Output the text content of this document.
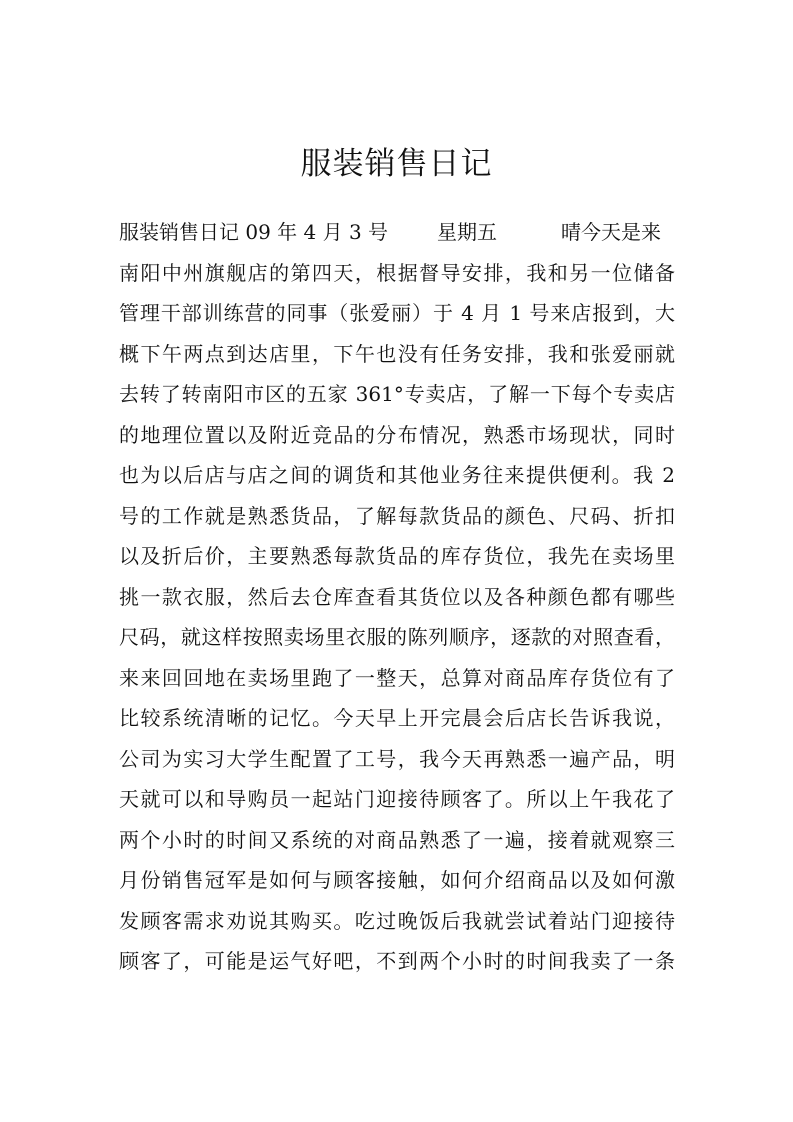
服装销售日记
服装销售日记 09 年 4 月 3 号 星期五	晴今天是来
南阳中州旗舰店的第四天，根据督导安排，我和另一位储备
管理干部训练营的同事（张爱丽）于 4 月 1 号来店报到，大
概下午两点到达店里，下午也没有任务安排，我和张爱丽就
去转了转南阳市区的五家 361°专卖店，了解一下每个专卖店
的地理位置以及附近竞品的分布情况，熟悉市场现状，同时
也为以后店与店之间的调货和其他业务往来提供便利。我 2
号的工作就是熟悉货品，了解每款货品的颜色、尺码、折扣
以及折后价，主要熟悉每款货品的库存货位，我先在卖场里
挑一款衣服，然后去仓库查看其货位以及各种颜色都有哪些
尺码，就这样按照卖场里衣服的陈列顺序，逐款的对照查看，
来来回回地在卖场里跑了一整天，总算对商品库存货位有了
比较系统清晰的记忆。今天早上开完晨会后店长告诉我说，
公司为实习大学生配置了工号，我今天再熟悉一遍产品，明
天就可以和导购员一起站门迎接待顾客了。所以上午我花了
两个小时的时间又系统的对商品熟悉了一遍，接着就观察三
月份销售冠军是如何与顾客接触，如何介绍商品以及如何激
发顾客需求劝说其购买。吃过晚饭后我就尝试着站门迎接待
顾客了，可能是运气好吧，不到两个小时的时间我卖了一条
